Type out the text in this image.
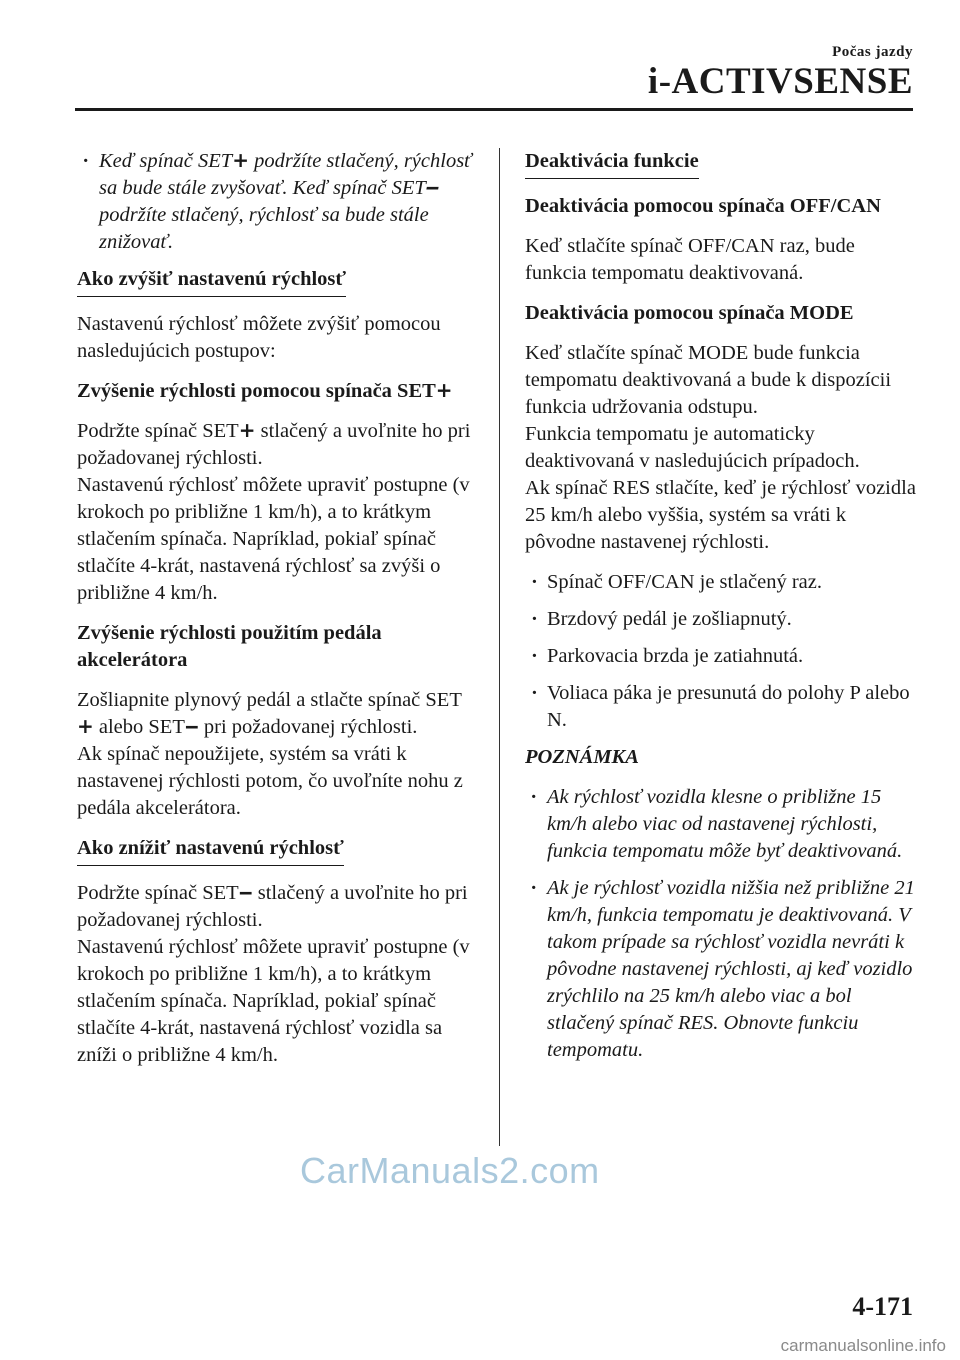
Počas jazdy
i-ACTIVSENSE
· Keď spínač SET+ podržíte stlačený, rýchlosť sa bude stále zvyšovať. Keď spínač SET‒ podržíte stlačený, rýchlosť sa bude stále znižovať.
Ako zvýšiť nastavenú rýchlosť

Nastavenú rýchlosť môžete zvýšiť pomocou nasledujúcich postupov:

Zvýšenie rýchlosti pomocou spínača SET+

Podržte spínač SET+ stlačený a uvoľnite ho pri požadovanej rýchlosti.
Nastavenú rýchlosť môžete upraviť postupne (v krokoch po približne 1 km/h), a to krátkym stlačením spínača. Napríklad, pokiaľ spínač stlačíte 4-krát, nastavená rýchlosť sa zvýši o približne 4 km/h.

Zvýšenie rýchlosti použitím pedála akcelerátora

Zošliapnite plynový pedál a stlačte spínač SET+ alebo SET‒ pri požadovanej rýchlosti.
Ak spínač nepoužijete, systém sa vráti k nastavenej rýchlosti potom, čo uvoľníte nohu z pedála akcelerátora.

Ako znížiť nastavenú rýchlosť

Podržte spínač SET‒ stlačený a uvoľnite ho pri požadovanej rýchlosti.
Nastavenú rýchlosť môžete upraviť postupne (v krokoch po približne 1 km/h), a to krátkym stlačením spínača. Napríklad, pokiaľ spínač stlačíte 4-krát, nastavená rýchlosť vozidla sa zníži o približne 4 km/h.

Deaktivácia funkcie
Deaktivácia pomocou spínača OFF/CAN

Keď stlačíte spínač OFF/CAN raz, bude funkcia tempomatu deaktivovaná.

Deaktivácia pomocou spínača MODE

Keď stlačíte spínač MODE bude funkcia tempomatu deaktivovaná a bude k dispozícii funkcia udržovania odstupu.
Funkcia tempomatu je automaticky deaktivovaná v nasledujúcich prípadoch.
Ak spínač RES stlačíte, keď je rýchlosť vozidla 25 km/h alebo vyššia, systém sa vráti k pôvodne nastavenej rýchlosti.

· Spínač OFF/CAN je stlačený raz.
· Brzdový pedál je zošliapnutý.
· Parkovacia brzda je zatiahnutá.
· Voliaca páka je presunutá do polohy P alebo N.
POZNÁMKA
· Ak rýchlosť vozidla klesne o približne 15 km/h alebo viac od nastavenej rýchlosti, funkcia tempomatu môže byť deaktivovaná.
· Ak je rýchlosť vozidla nižšia než približne 21 km/h, funkcia tempomatu je deaktivovaná. V takom prípade sa rýchlosť vozidla nevráti k pôvodne nastavenej rýchlosti, aj keď vozidlo zrýchlilo na 25 km/h alebo viac a bol stlačený spínač RES. Obnovte funkciu tempomatu.
CarManuals2.com
4-171
carmanualsonline.info
